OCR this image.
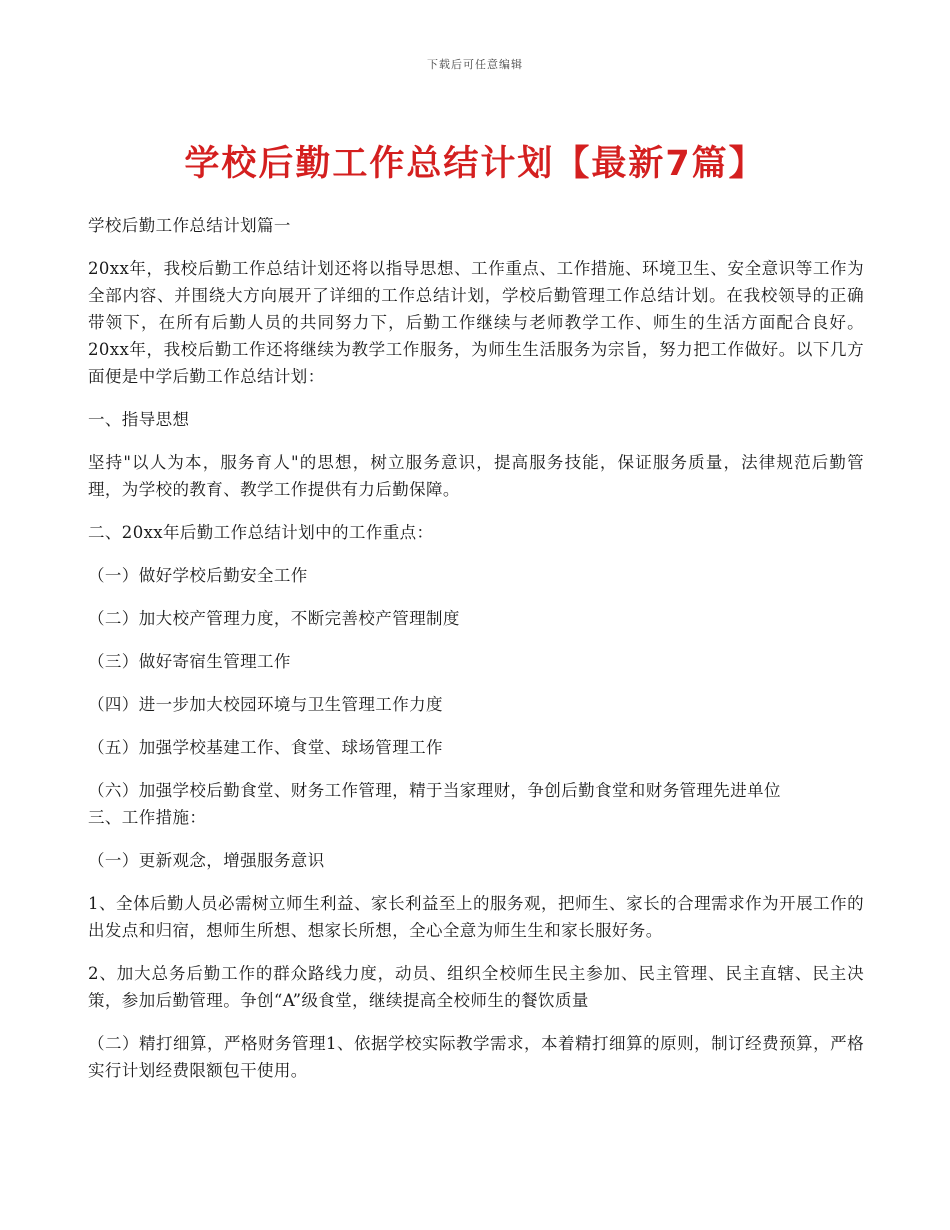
下载后可任意编辑
学校后勤工作总结计划【最新7篇】

学校后勤工作总结计划篇一

20xx年，我校后勤工作总结计划还将以指导思想、工作重点、工作措施、环境卫生、安全意识等工作为全部内容、并围绕大方向展开了详细的工作总结计划，学校后勤管理工作总结计划。在我校领导的正确带领下，在所有后勤人员的共同努力下，后勤工作继续与老师教学工作、师生的生活方面配合良好。20xx年，我校后勤工作还将继续为教学工作服务，为师生生活服务为宗旨，努力把工作做好。以下几方面便是中学后勤工作总结计划：

一、指导思想

坚持"以人为本，服务育人"的思想，树立服务意识，提高服务技能，保证服务质量，法律规范后勤管理，为学校的教育、教学工作提供有力后勤保障。

二、20xx年后勤工作总结计划中的工作重点：

（一）做好学校后勤安全工作

（二）加大校产管理力度，不断完善校产管理制度

（三）做好寄宿生管理工作

（四）进一步加大校园环境与卫生管理工作力度

（五）加强学校基建工作、食堂、球场管理工作

（六）加强学校后勤食堂、财务工作管理，精于当家理财，争创后勤食堂和财务管理先进单位

三、工作措施：

（一）更新观念，增强服务意识

1、全体后勤人员必需树立师生利益、家长利益至上的服务观，把师生、家长的合理需求作为开展工作的出发点和归宿，想师生所想、想家长所想，全心全意为师生生和家长服好务。

2、加大总务后勤工作的群众路线力度，动员、组织全校师生民主参加、民主管理、民主直辖、民主决策，参加后勤管理。争创“A”级食堂，继续提高全校师生的餐饮质量

（二）精打细算，严格财务管理1、依据学校实际教学需求，本着精打细算的原则，制订经费预算，严格实行计划经费限额包干使用。
